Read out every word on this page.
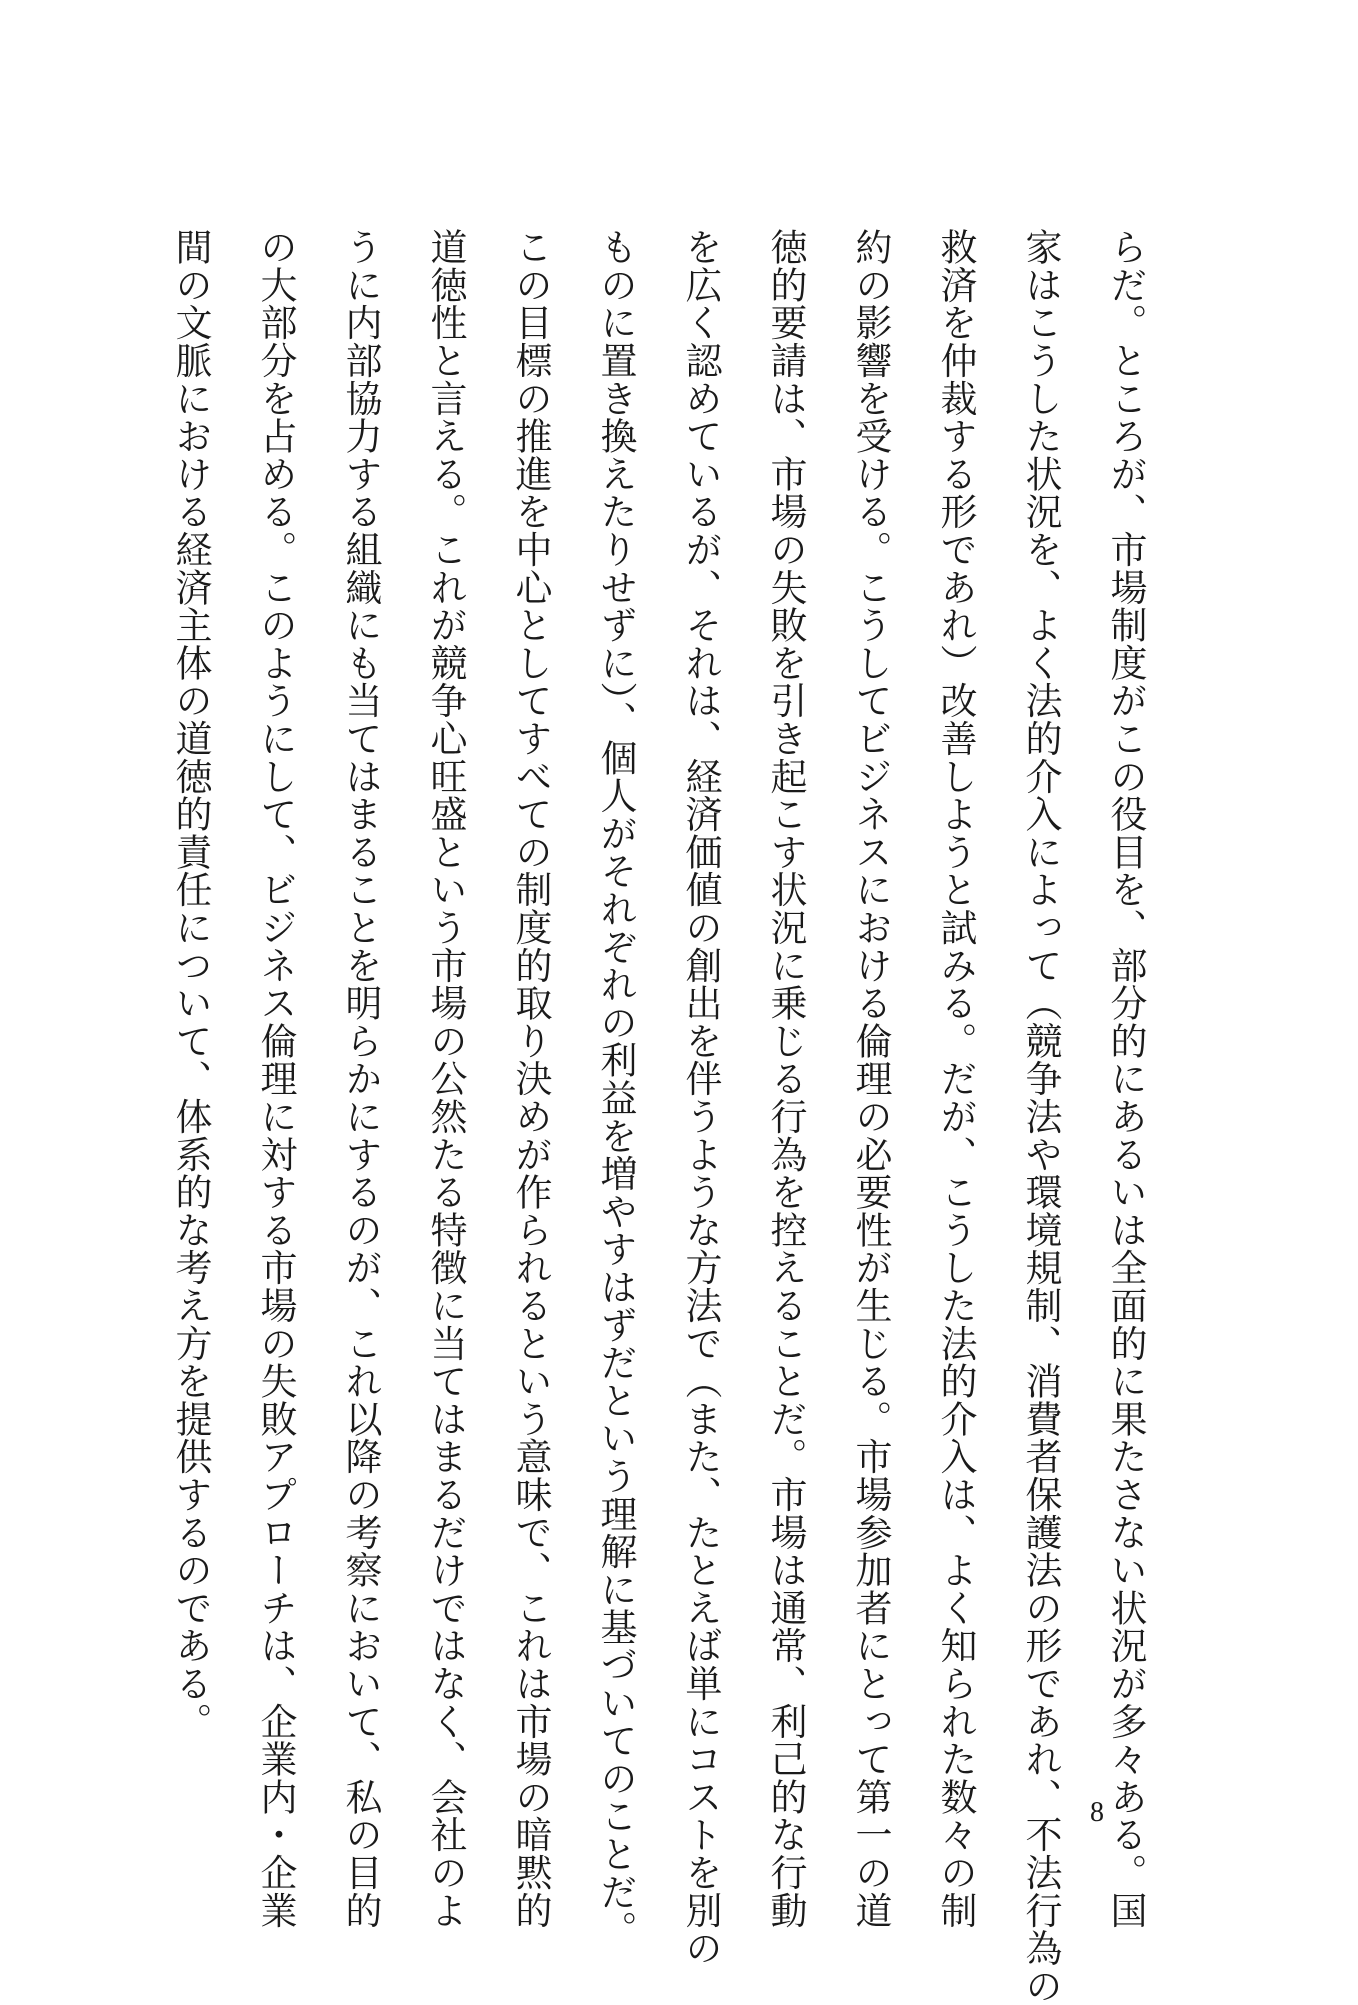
らだ。ところが、市場制度がこの役目を、部分的にあるいは全面的に果たさない状況が多々ある。国
家はこうした状況を、よく法的介入によって（競争法や環境規制、消費者保護法の形であれ、不法行為の
救済を仲裁する形であれ）改善しようと試みる。だが、こうした法的介入は、よく知られた数々の制
約の影響を受ける。こうしてビジネスにおける倫理の必要性が生じる。市場参加者にとって第一の道
徳的要請は、市場の失敗を引き起こす状況に乗じる行為を控えることだ。市場は通常、利己的な行動
を広く認めているが、それは、経済価値の創出を伴うような方法で（また、たとえば単にコストを別の
ものに置き換えたりせずに）、個人がそれぞれの利益を増やすはずだという理解に基づいてのことだ。
この目標の推進を中心としてすべての制度的取り決めが作られるという意味で、これは市場の暗黙的
道徳性と言える。これが競争心旺盛という市場の公然たる特徴に当てはまるだけではなく、会社のよ
うに内部協力する組織にも当てはまることを明らかにするのが、これ以降の考察において、私の目的
の大部分を占める。このようにして、ビジネス倫理に対する市場の失敗アプローチは、企業内・企業
間の文脈における経済主体の道徳的責任について、体系的な考え方を提供するのである。
8
